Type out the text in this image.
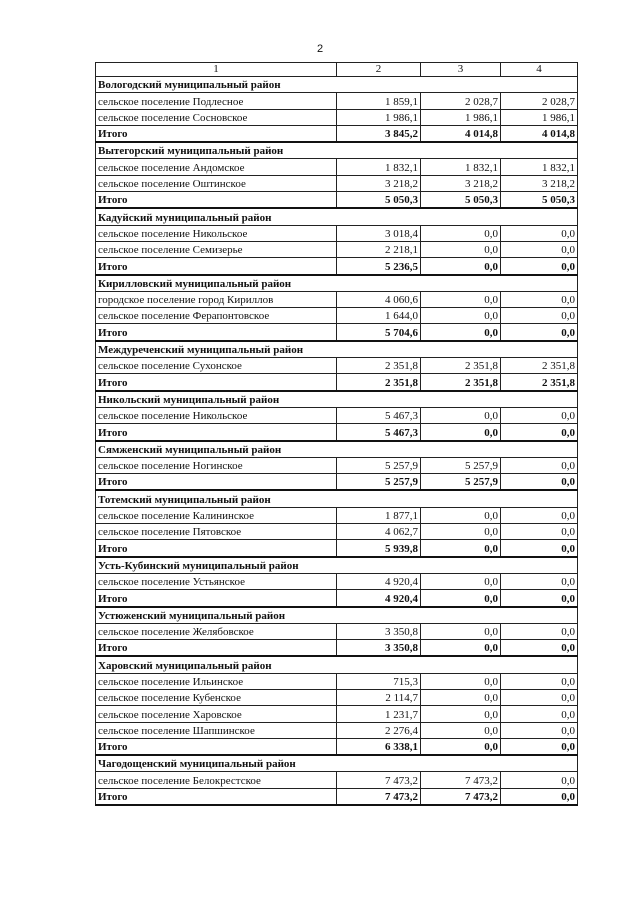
2
1	2	3	4
Вологодский муниципальный район			
сельское поселение Подлесное	1 859,1	2 028,7	2 028,7
сельское поселение Сосновское	1 986,1	1 986,1	1 986,1
Итого	3 845,2	4 014,8	4 014,8
Вытегорский муниципальный район			
сельское поселение Андомское	1 832,1	1 832,1	1 832,1
сельское поселение Оштинское	3 218,2	3 218,2	3 218,2
Итого	5 050,3	5 050,3	5 050,3
Кадуйский муниципальный район			
сельское поселение Никольское	3 018,4	0,0	0,0
сельское поселение Семизерье	2 218,1	0,0	0,0
Итого	5 236,5	0,0	0,0
Кирилловский муниципальный район			
городское поселение город Кириллов	4 060,6	0,0	0,0
сельское поселение Ферапонтовское	1 644,0	0,0	0,0
Итого	5 704,6	0,0	0,0
Междуреченский муниципальный район			
сельское поселение Сухонское	2 351,8	2 351,8	2 351,8
Итого	2 351,8	2 351,8	2 351,8
Никольский муниципальный район			
сельское поселение Никольское	5 467,3	0,0	0,0
Итого	5 467,3	0,0	0,0
Сямженский муниципальный район			
сельское поселение Ногинское	5 257,9	5 257,9	0,0
Итого	5 257,9	5 257,9	0,0
Тотемский муниципальный район			
сельское поселение Калининское	1 877,1	0,0	0,0
сельское поселение Пятовское	4 062,7	0,0	0,0
Итого	5 939,8	0,0	0,0
Усть-Кубинский муниципальный район			
сельское поселение Устьянское	4 920,4	0,0	0,0
Итого	4 920,4	0,0	0,0
Устюженский муниципальный район			
сельское поселение Желябовское	3 350,8	0,0	0,0
Итого	3 350,8	0,0	0,0
Харовский муниципальный район			
сельское поселение Ильинское	715,3	0,0	0,0
сельское поселение Кубенское	2 114,7	0,0	0,0
сельское поселение Харовское	1 231,7	0,0	0,0
сельское поселение Шапшинское	2 276,4	0,0	0,0
Итого	6 338,1	0,0	0,0
Чагодощенский муниципальный район			
сельское поселение Белокрестское	7 473,2	7 473,2	0,0
Итого	7 473,2	7 473,2	0,0
